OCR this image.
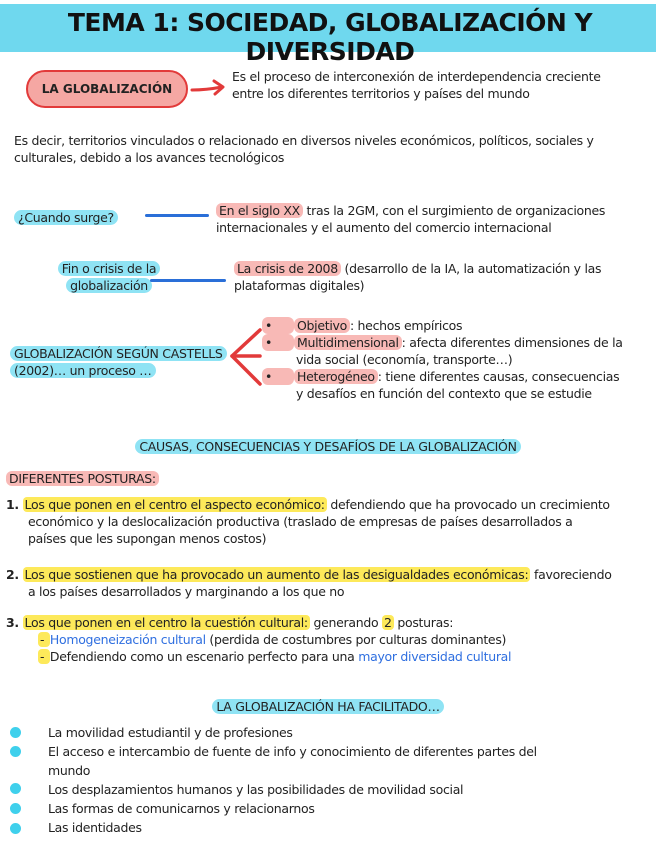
TEMA 1: SOCIEDAD, GLOBALIZACIÓN Y DIVERSIDAD
LA GLOBALIZACIÓN
Es el proceso de interconexión de interdependencia creciente
entre los diferentes territorios y países del mundo
Es decir, territorios vinculados o relacionado en diversos niveles económicos, políticos, sociales y
culturales, debido a los avances tecnológicos
¿Cuando surge?	En el siglo XX tras la 2GM, con el surgimiento de organizaciones
internacionales y el aumento del comercio internacional
Fin o crisis de la
globalización
La crisis de 2008 (desarrollo de la IA, la automatización y las
plataformas digitales)
GLOBALIZACIÓN SEGÚN CASTELLS
(2002)… un proceso …
• Objetivo : hechos empíricos
• Multidimensional : afecta diferentes dimensiones de la
vida social (economía, transporte…)
• Heterogéneo : tiene diferentes causas, consecuencias
y desafíos en función del contexto que se estudie
CAUSAS, CONSECUENCIAS Y DESAFÍOS DE LA GLOBALIZACIÓN
DIFERENTES POSTURAS:
1. Los que ponen en el centro el aspecto económico: defendiendo que ha provocado un crecimiento
económico y la deslocalización productiva (traslado de empresas de países desarrollados a
países que les supongan menos costos)
2. Los que sostienen que ha provocado un aumento de las desigualdades económicas: favoreciendo
a los países desarrollados y marginando a los que no
3. Los que ponen en el centro la cuestión cultural: generando 2 posturas:
- Homogeneización cultural (perdida de costumbres por culturas dominantes)
- Defendiendo como un escenario perfecto para una mayor diversidad cultural
LA GLOBALIZACIÓN HA FACILITADO…
La movilidad estudiantil y de profesiones
El acceso e intercambio de fuente de info y conocimiento de diferentes partes del
mundo
Los desplazamientos humanos y las posibilidades de movilidad social
Las formas de comunicarnos y relacionarnos
Las identidades
